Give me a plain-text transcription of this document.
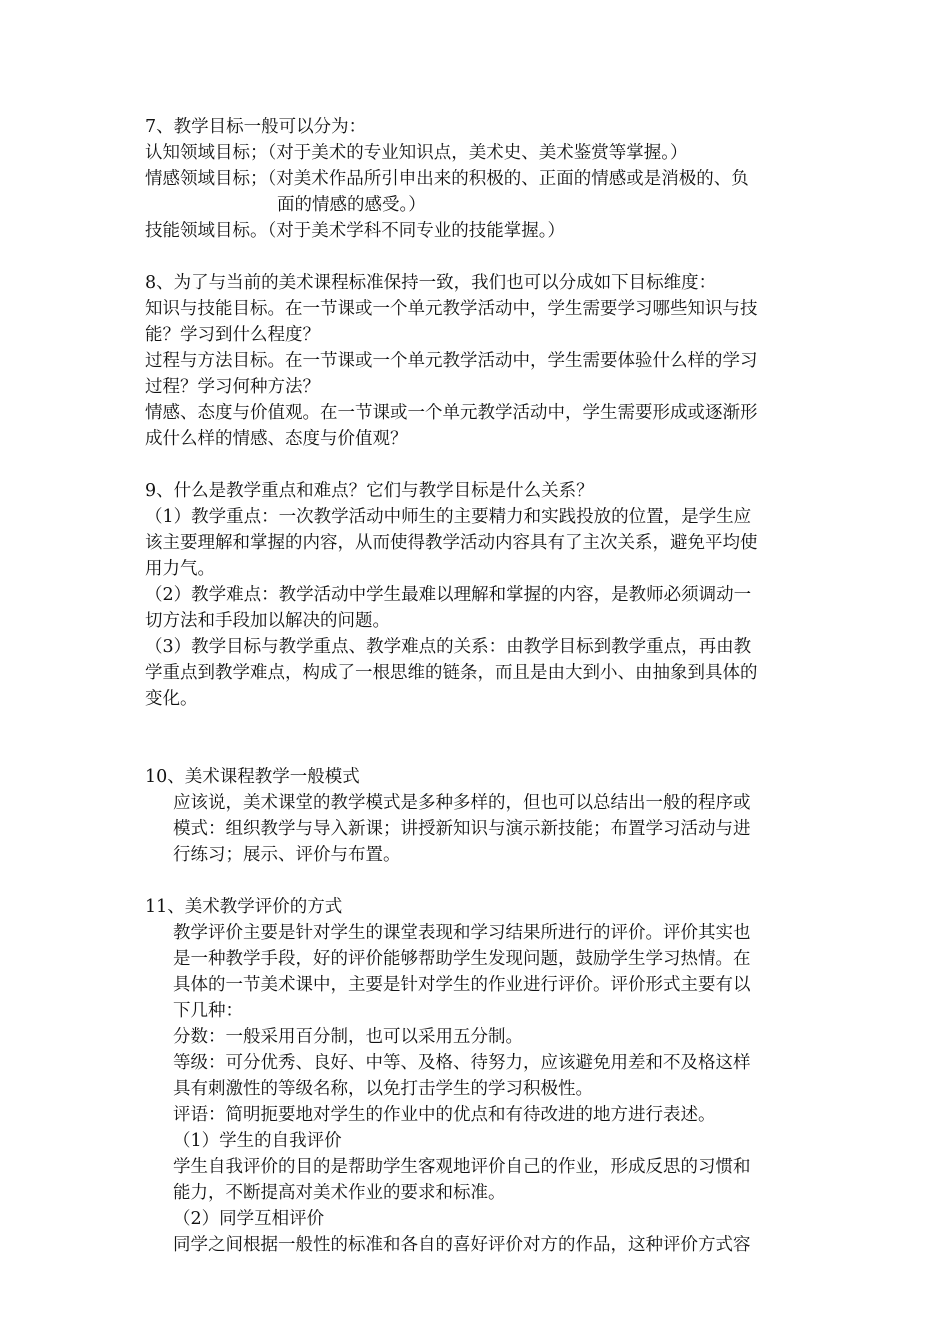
7、教学目标一般可以分为：
认知领域目标；（对于美术的专业知识点，美术史、美术鉴赏等掌握。）
情感领域目标；（对美术作品所引申出来的积极的、正面的情感或是消极的、负
面的情感的感受。）
技能领域目标。（对于美术学科不同专业的技能掌握。）
8、为了与当前的美术课程标准保持一致，我们也可以分成如下目标维度：
知识与技能目标。在一节课或一个单元教学活动中，学生需要学习哪些知识与技
能？学习到什么程度？
过程与方法目标。在一节课或一个单元教学活动中，学生需要体验什么样的学习
过程？学习何种方法？
情感、态度与价值观。在一节课或一个单元教学活动中，学生需要形成或逐渐形
成什么样的情感、态度与价值观？
9、什么是教学重点和难点？它们与教学目标是什么关系？
（1）教学重点：一次教学活动中师生的主要精力和实践投放的位置，是学生应
该主要理解和掌握的内容，从而使得教学活动内容具有了主次关系，避免平均使
用力气。
（2）教学难点：教学活动中学生最难以理解和掌握的内容，是教师必须调动一
切方法和手段加以解决的问题。
（3）教学目标与教学重点、教学难点的关系：由教学目标到教学重点，再由教
学重点到教学难点，构成了一根思维的链条，而且是由大到小、由抽象到具体的
变化。
10、美术课程教学一般模式
应该说，美术课堂的教学模式是多种多样的，但也可以总结出一般的程序或
模式：组织教学与导入新课；讲授新知识与演示新技能；布置学习活动与进
行练习；展示、评价与布置。
11、美术教学评价的方式
教学评价主要是针对学生的课堂表现和学习结果所进行的评价。评价其实也
是一种教学手段，好的评价能够帮助学生发现问题，鼓励学生学习热情。在
具体的一节美术课中，主要是针对学生的作业进行评价。评价形式主要有以
下几种：
分数：一般采用百分制，也可以采用五分制。
等级：可分优秀、良好、中等、及格、待努力，应该避免用差和不及格这样
具有刺激性的等级名称，以免打击学生的学习积极性。
评语：简明扼要地对学生的作业中的优点和有待改进的地方进行表述。
（1）学生的自我评价
学生自我评价的目的是帮助学生客观地评价自己的作业，形成反思的习惯和
能力，不断提高对美术作业的要求和标准。
（2）同学互相评价
同学之间根据一般性的标准和各自的喜好评价对方的作品，这种评价方式容
